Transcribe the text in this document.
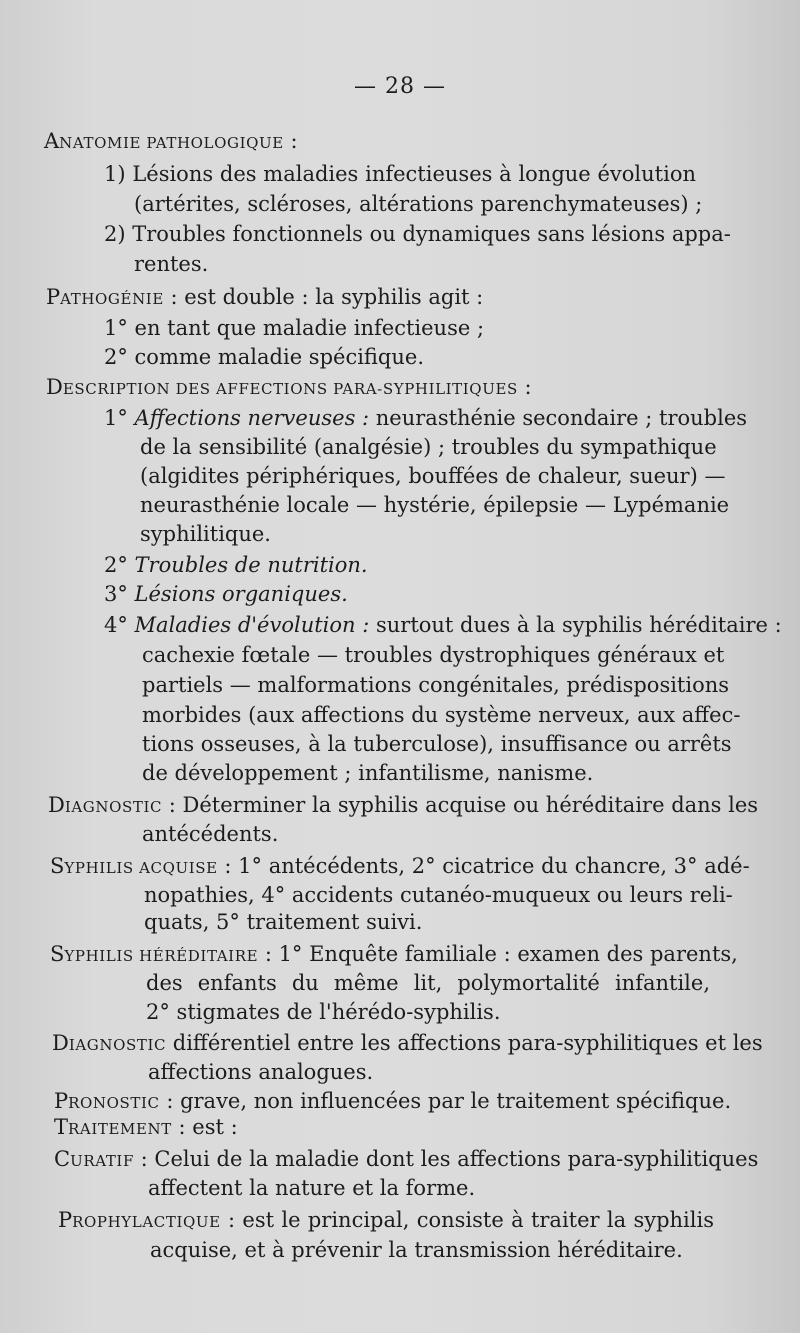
— 28 —
ANATOMIE PATHOLOGIQUE :
1) Lésions des maladies infectieuses à longue évolution
(artérites, scléroses, altérations parenchymateuses) ;
2) Troubles fonctionnels ou dynamiques sans lésions appa-
rentes.
PATHOGÉNIE : est double : la syphilis agit :
1° en tant que maladie infectieuse ;
2° comme maladie spécifique.
DESCRIPTION DES AFFECTIONS PARA-SYPHILITIQUES :
1° Affections nerveuses : neurasthénie secondaire ; troubles
de la sensibilité (analgésie) ; troubles du sympathique
(algidites périphériques, bouffées de chaleur, sueur) —
neurasthénie locale — hystérie, épilepsie — Lypémanie
syphilitique.
2° Troubles de nutrition.
3° Lésions organiques.
4° Maladies d'évolution : surtout dues à la syphilis héréditaire :
cachexie fœtale — troubles dystrophiques généraux et
partiels — malformations congénitales, prédispositions
morbides (aux affections du système nerveux, aux affec-
tions osseuses, à la tuberculose), insuffisance ou arrêts
de développement ; infantilisme, nanisme.
DIAGNOSTIC : Déterminer la syphilis acquise ou héréditaire dans les
antécédents.
SYPHILIS ACQUISE : 1° antécédents, 2° cicatrice du chancre, 3° adé-
nopathies, 4° accidents cutanéo-muqueux ou leurs reli-
quats, 5° traitement suivi.
SYPHILIS HÉRÉDITAIRE : 1° Enquête familiale : examen des parents,
des enfants du même lit, polymortalité infantile,
2° stigmates de l'hérédo-syphilis.
DIAGNOSTIC différentiel entre les affections para-syphilitiques et les
affections analogues.
PRONOSTIC : grave, non influencées par le traitement spécifique.
TRAITEMENT : est :
CURATIF : Celui de la maladie dont les affections para-syphilitiques
affectent la nature et la forme.
PROPHYLACTIQUE : est le principal, consiste à traiter la syphilis
acquise, et à prévenir la transmission héréditaire.
